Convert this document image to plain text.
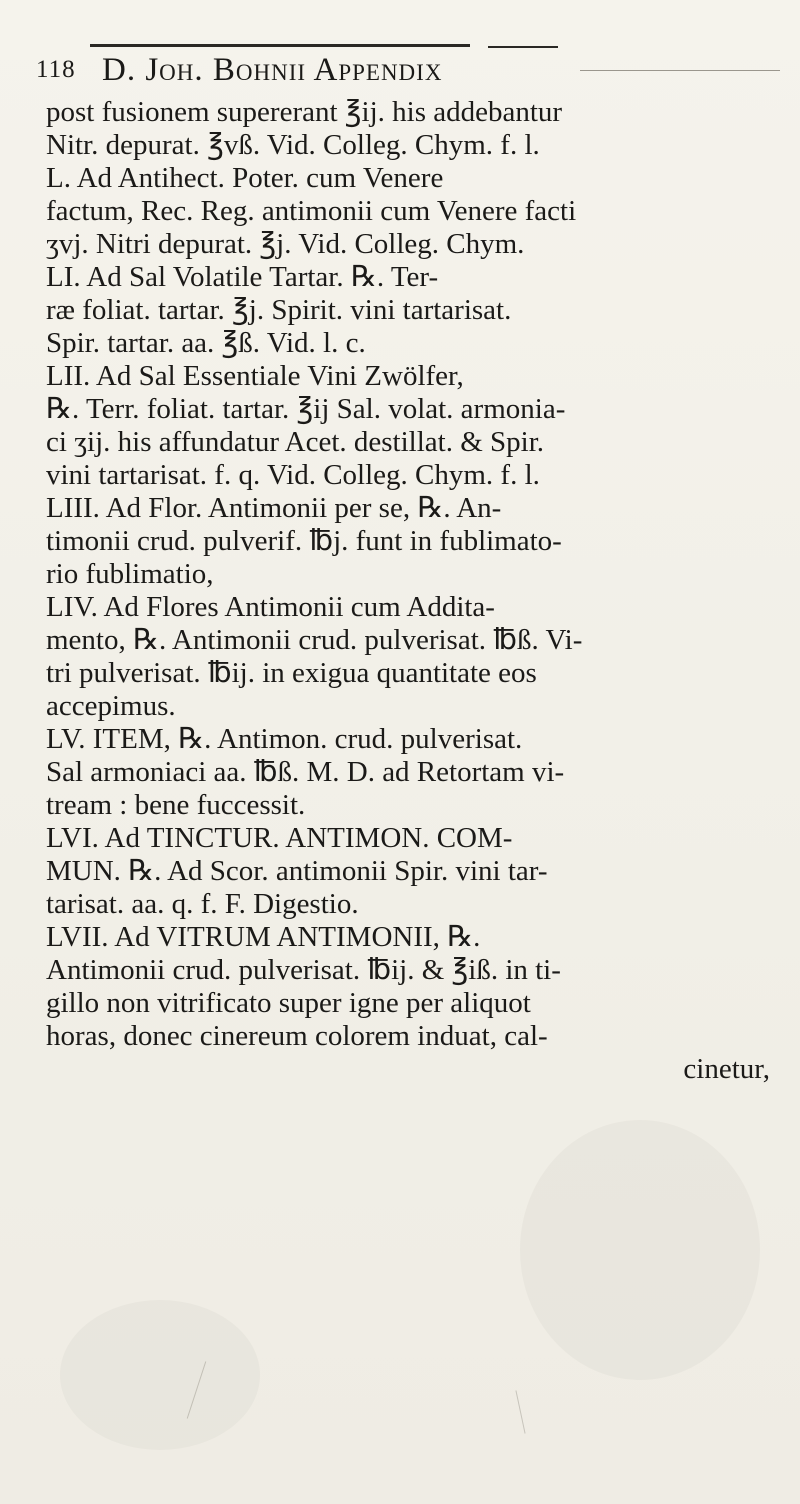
118 D. Joh. Bohnii Appendix
post fusionem supererant ℥ij. his addebantur
Nitr. depurat. ℥vß. Vid. Colleg. Chym. f. l.
L. Ad Antihect. Poter. cum Venere
factum, Rec. Reg. antimonii cum Venere facti
ʒvj. Nitri depurat. ℥j. Vid. Colleg. Chym.
LI. Ad Sal Volatile Tartar. ℞. Ter-
ræ foliat. tartar. ℥j. Spirit. vini tartarisat.
Spir. tartar. aa. ℥ß. Vid. l. c.
LII. Ad Sal Essentiale Vini Zwölfer,
℞. Terr. foliat. tartar. ℥ij Sal. volat. armonia-
ci ʒij. his affundatur Acet. destillat. & Spir.
vini tartarisat. f. q. Vid. Colleg. Chym. f. l.
LIII. Ad Flor. Antimonii per se, ℞. An-
timonii crud. pulverif. ℔j. funt in fublimato-
rio fublimatio,
LIV. Ad Flores Antimonii cum Addita-
mento, ℞. Antimonii crud. pulverisat. ℔ß. Vi-
tri pulverisat. ℔ij. in exigua quantitate eos
accepimus.
LV. ITEM, ℞. Antimon. crud. pulverisat.
Sal armoniaci aa. ℔ß. M. D. ad Retortam vi-
tream : bene fuccessit.
LVI. Ad TINCTUR. ANTIMON. COM-
MUN. ℞. Ad Scor. antimonii Spir. vini tar-
tarisat. aa. q. f. F. Digestio.
LVII. Ad VITRUM ANTIMONII, ℞.
Antimonii crud. pulverisat. ℔ij. & ℥iß. in ti-
gillo non vitrificato super igne per aliquot
horas, donec cinereum colorem induat, cal-
cinetur,
